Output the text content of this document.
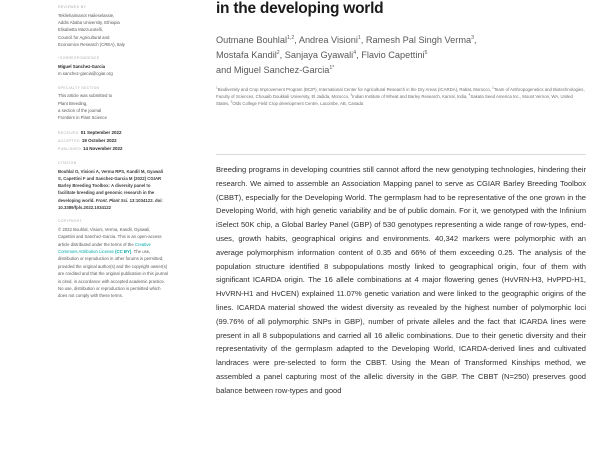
REVIEWED BY
Tekilehaimanot Haileselassie,
Addis Ababa University, Ethiopia
Elisabetta Mazzucotelli,
Council for Agricultural and
Economics Research (CREA), Italy
*CORRESPONDENCE
Miguel Sanchez-Garcia
m.sanchez-garcia@cgiar.org
SPECIALTY SECTION
This article was submitted to
Plant Breeding,
a section of the journal
Frontiers in Plant Science
RECEIVED 01 September 2022
ACCEPTED 19 October 2022
PUBLISHED 14 November 2022
CITATION
Bouhlal O, Visioni A, Verma RPS, Kandil M, Gyawali S, Capettini F and Sanchez-Garcia M (2022) CGIAR Barley Breeding Toolbox: A diversity panel to facilitate breeding and genomic research in the developing world. Front. Plant Sci. 13:1034122. doi: 10.3389/fpls.2022.1034122
COPYRIGHT
© 2022 Bouhlal, Visioni, Verma, Kandil, Gyawali, Capettini and Sanchez-Garcia. This is an open-access article distributed under the terms of the Creative Commons Attribution License (CC BY). The use, distribution or reproduction in other forums is permitted, provided the original author(s) and the copyright owner(s) are credited and that the original publication in this journal is cited, in accordance with accepted academic practice. No use, distribution or reproduction is permitted which does not comply with these terms.
in the developing world
Outmane Bouhlal$^{1,2}$, Andrea Visioni$^1$, Ramesh Pal Singh Verma$^3$,
Mostafa Kandil$^2$, Sanjaya Gyawali$^4$, Flavio Capettini$^5$
and Miguel Sanchez-Garcia$^{1*}$
$^1$Biodiversity and Crop Improvement Program (BCIP), International Center for Agricultural Research in the Dry Areas (ICARDA), Rabat, Morocco, $^2$Team of Anthropogenetics and Biotechnologies, Faculty of Sciences, Chouaib Doukkali University, El Jadida, Morocco, $^3$Indian Institute of Wheat and Barley Research, Karnal, India, $^4$Sakata Seed America Inc., Mount Vernon, WA, United States, $^5$Olds College Field Crop development Centre, Lacombe, AB, Canada
Breeding programs in developing countries still cannot afford the new genotyping technologies, hindering their research. We aimed to assemble an Association Mapping panel to serve as CGIAR Barley Breeding Toolbox (CBBT), especially for the Developing World. The germplasm had to be representative of the one grown in the Developing World, with high genetic variability and be of public domain. For it, we genotyped with the Infinium iSelect 50K chip, a Global Barley Panel (GBP) of 530 genotypes representing a wide range of row-types, end-uses, growth habits, geographical origins and environments. 40,342 markers were polymorphic with an average polymorphism information content of 0.35 and 66% of them exceeding 0.25. The analysis of the population structure identified 8 subpopulations mostly linked to geographical origin, four of them with significant ICARDA origin. The 16 allele combinations at 4 major flowering genes (HvVRN-H3, HvPPD-H1, HvVRN-H1 and HvCEN) explained 11.07% genetic variation and were linked to the geographic origins of the lines. ICARDA material showed the widest diversity as revealed by the highest number of polymorphic loci (99.76% of all polymorphic SNPs in GBP), number of private alleles and the fact that ICARDA lines were present in all 8 subpopulations and carried all 16 allelic combinations. Due to their genetic diversity and their representativity of the germplasm adapted to the Developing World, ICARDA-derived lines and cultivated landraces were pre-selected to form the CBBT. Using the Mean of Transformed Kinships method, we assembled a panel capturing most of the allelic diversity in the GBP. The CBBT (N=250) preserves good balance between row-types and good
